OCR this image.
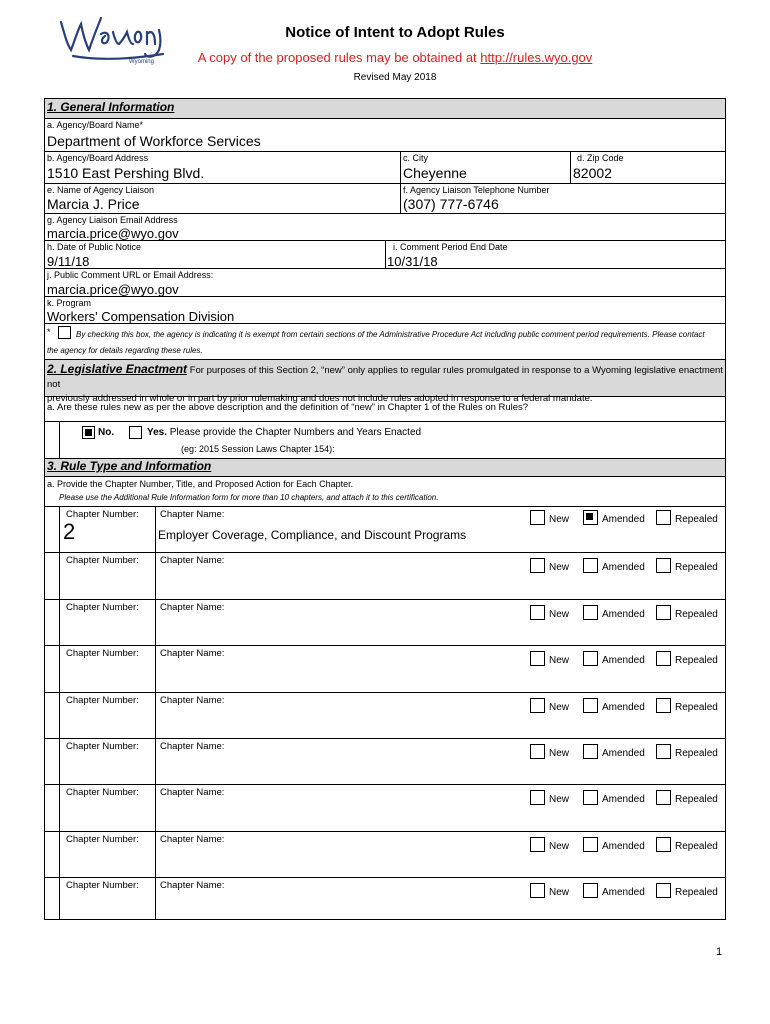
Wyoming
Notice of Intent to Adopt Rules
A copy of the proposed rules may be obtained at http://rules.wyo.gov
Revised May 2018
1. General Information
a. Agency/Board Name*
Department of Workforce Services
b. Agency/Board Address
1510 East Pershing Blvd.
c. City
Cheyenne
d. Zip Code
82002
e. Name of Agency Liaison
Marcia J. Price
f. Agency Liaison Telephone Number
(307) 777-6746
g. Agency Liaison Email Address
marcia.price@wyo.gov
h. Date of Public Notice
9/11/18
i. Comment Period End Date
10/31/18
j. Public Comment URL or Email Address:
marcia.price@wyo.gov
k. Program
Workers' Compensation Division
*	By checking this box, the agency is indicating it is exempt from certain sections of the Administrative Procedure Act including public comment period requirements. Please contact
the agency for details regarding these rules.
2. Legislative Enactment For purposes of this Section 2, “new” only applies to regular rules promulgated in response to a Wyoming legislative enactment not
previously addressed in whole or in part by prior rulemaking and does not include rules adopted in response to a federal mandate.
a. Are these rules new as per the above description and the definition of “new” in Chapter 1 of the Rules on Rules?
No.	Yes. Please provide the Chapter Numbers and Years Enacted
(eg: 2015 Session Laws Chapter 154):
3. Rule Type and Information
a. Provide the Chapter Number, Title, and Proposed Action for Each Chapter.
Please use the Additional Rule Information form for more than 10 chapters, and attach it to this certification.
Chapter Number: Chapter Name:
2	Employer Coverage, Compliance, and Discount Programs
New	Amended	Repealed
Chapter Number: Chapter Name:
New	Amended	Repealed
Chapter Number: Chapter Name:
New	Amended	Repealed
Chapter Number: Chapter Name:
New	Amended	Repealed
Chapter Number: Chapter Name:
New	Amended	Repealed
Chapter Number: Chapter Name:
New	Amended	Repealed
Chapter Number: Chapter Name:
New	Amended	Repealed
Chapter Number: Chapter Name:
New	Amended	Repealed
Chapter Number: Chapter Name:
New	Amended	Repealed
1
